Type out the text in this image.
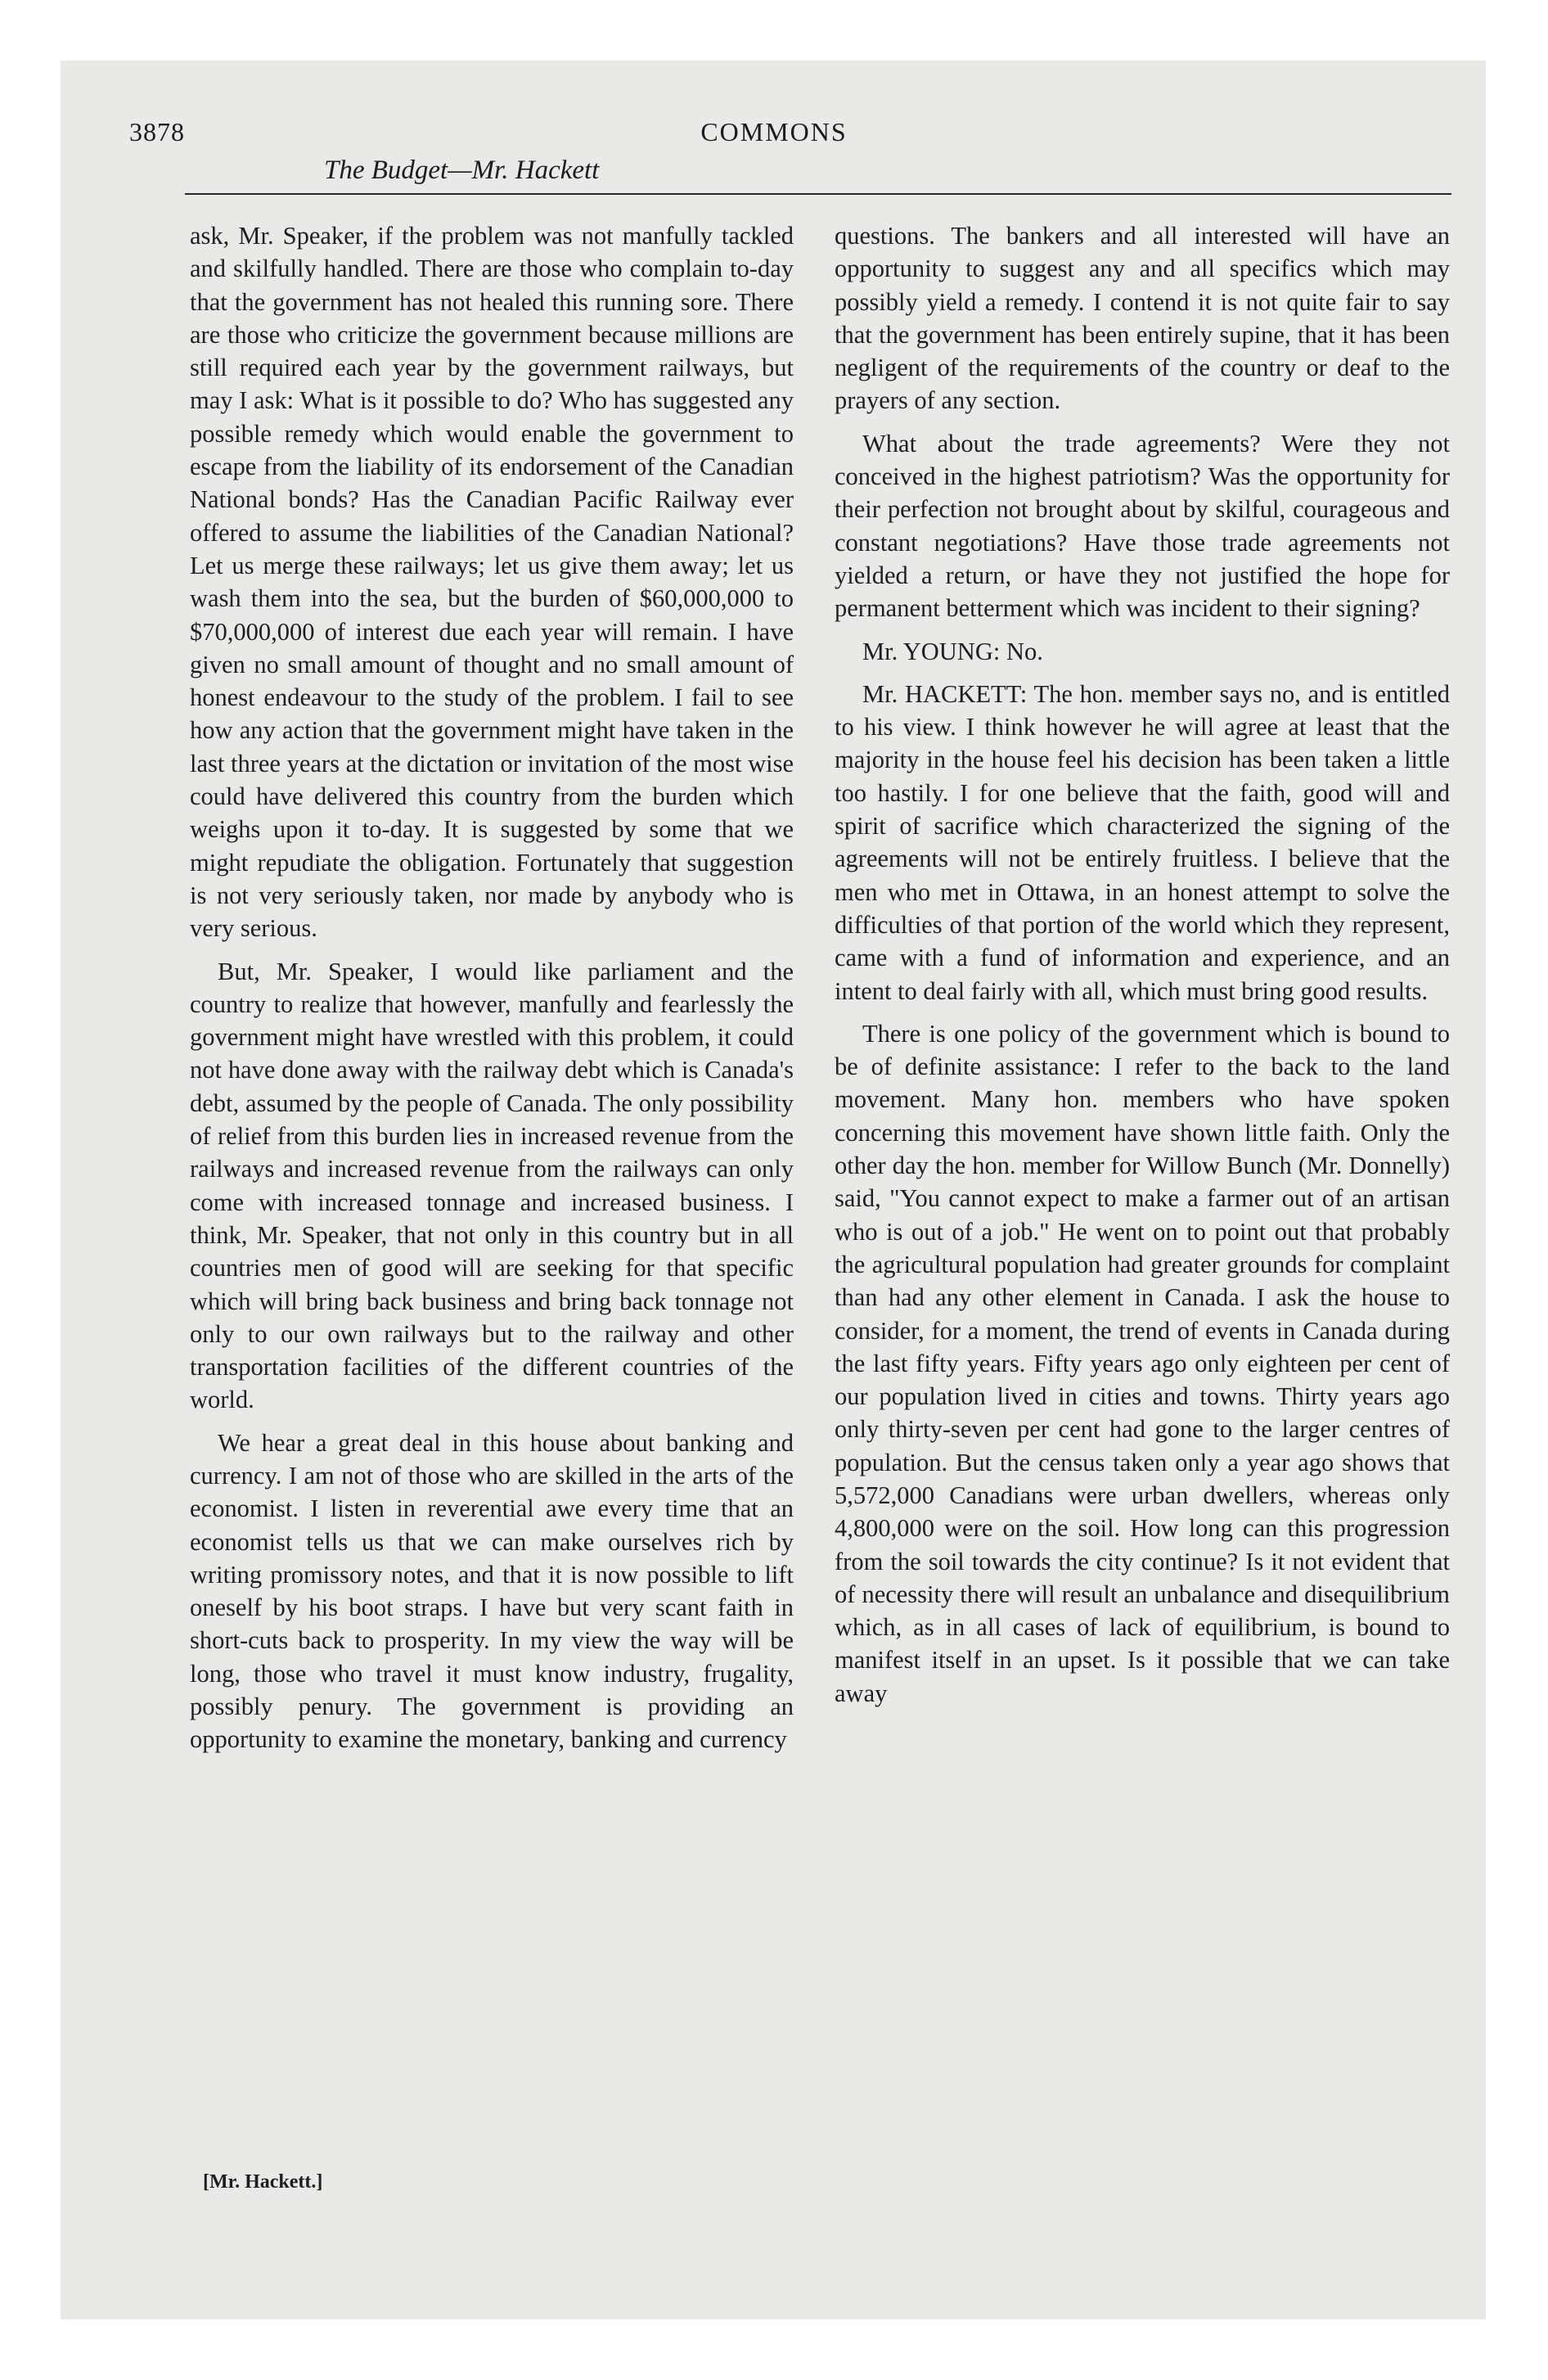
3878	COMMONS
The Budget—Mr. Hackett

ask, Mr. Speaker, if the problem was not manfully tackled and skilfully handled. There are those who complain to-day that the government has not healed this running sore. There are those who criticize the government because millions are still required each year by the government railways, but may I ask: What is it possible to do? Who has suggested any possible remedy which would enable the government to escape from the liability of its endorsement of the Canadian National bonds? Has the Canadian Pacific Railway ever offered to assume the liabilities of the Canadian National? Let us merge these railways; let us give them away; let us wash them into the sea, but the burden of $60,000,000 to $70,000,000 of interest due each year will remain. I have given no small amount of thought and no small amount of honest endeavour to the study of the problem. I fail to see how any action that the government might have taken in the last three years at the dictation or invitation of the most wise could have delivered this country from the burden which weighs upon it to-day. It is suggested by some that we might repudiate the obligation. Fortunately that suggestion is not very seriously taken, nor made by anybody who is very serious.

But, Mr. Speaker, I would like parliament and the country to realize that however, manfully and fearlessly the government might have wrestled with this problem, it could not have done away with the railway debt which is Canada's debt, assumed by the people of Canada. The only possibility of relief from this burden lies in increased revenue from the railways and increased revenue from the railways can only come with increased tonnage and increased business. I think, Mr. Speaker, that not only in this country but in all countries men of good will are seeking for that specific which will bring back business and bring back tonnage not only to our own railways but to the railway and other transportation facilities of the different countries of the world.

We hear a great deal in this house about banking and currency. I am not of those who are skilled in the arts of the economist. I listen in reverential awe every time that an economist tells us that we can make ourselves rich by writing promissory notes, and that it is now possible to lift oneself by his boot straps. I have but very scant faith in short-cuts back to prosperity. In my view the way will be long, those who travel it must know industry, frugality, possibly penury. The government is providing an opportunity to examine the monetary, banking and currency

questions. The bankers and all interested will have an opportunity to suggest any and all specifics which may possibly yield a remedy. I contend it is not quite fair to say that the government has been entirely supine, that it has been negligent of the requirements of the country or deaf to the prayers of any section.

What about the trade agreements? Were they not conceived in the highest patriotism? Was the opportunity for their perfection not brought about by skilful, courageous and constant negotiations? Have those trade agreements not yielded a return, or have they not justified the hope for permanent betterment which was incident to their signing?

Mr. YOUNG: No.

Mr. HACKETT: The hon. member says no, and is entitled to his view. I think however he will agree at least that the majority in the house feel his decision has been taken a little too hastily. I for one believe that the faith, good will and spirit of sacrifice which characterized the signing of the agreements will not be entirely fruitless. I believe that the men who met in Ottawa, in an honest attempt to solve the difficulties of that portion of the world which they represent, came with a fund of information and experience, and an intent to deal fairly with all, which must bring good results.

There is one policy of the government which is bound to be of definite assistance: I refer to the back to the land movement. Many hon. members who have spoken concerning this movement have shown little faith. Only the other day the hon. member for Willow Bunch (Mr. Donnelly) said, "You cannot expect to make a farmer out of an artisan who is out of a job." He went on to point out that probably the agricultural population had greater grounds for complaint than had any other element in Canada. I ask the house to consider, for a moment, the trend of events in Canada during the last fifty years. Fifty years ago only eighteen per cent of our population lived in cities and towns. Thirty years ago only thirty-seven per cent had gone to the larger centres of population. But the census taken only a year ago shows that 5,572,000 Canadians were urban dwellers, whereas only 4,800,000 were on the soil. How long can this progression from the soil towards the city continue? Is it not evident that of necessity there will result an unbalance and disequilibrium which, as in all cases of lack of equilibrium, is bound to manifest itself in an upset. Is it possible that we can take away

[Mr. Hackett.]
